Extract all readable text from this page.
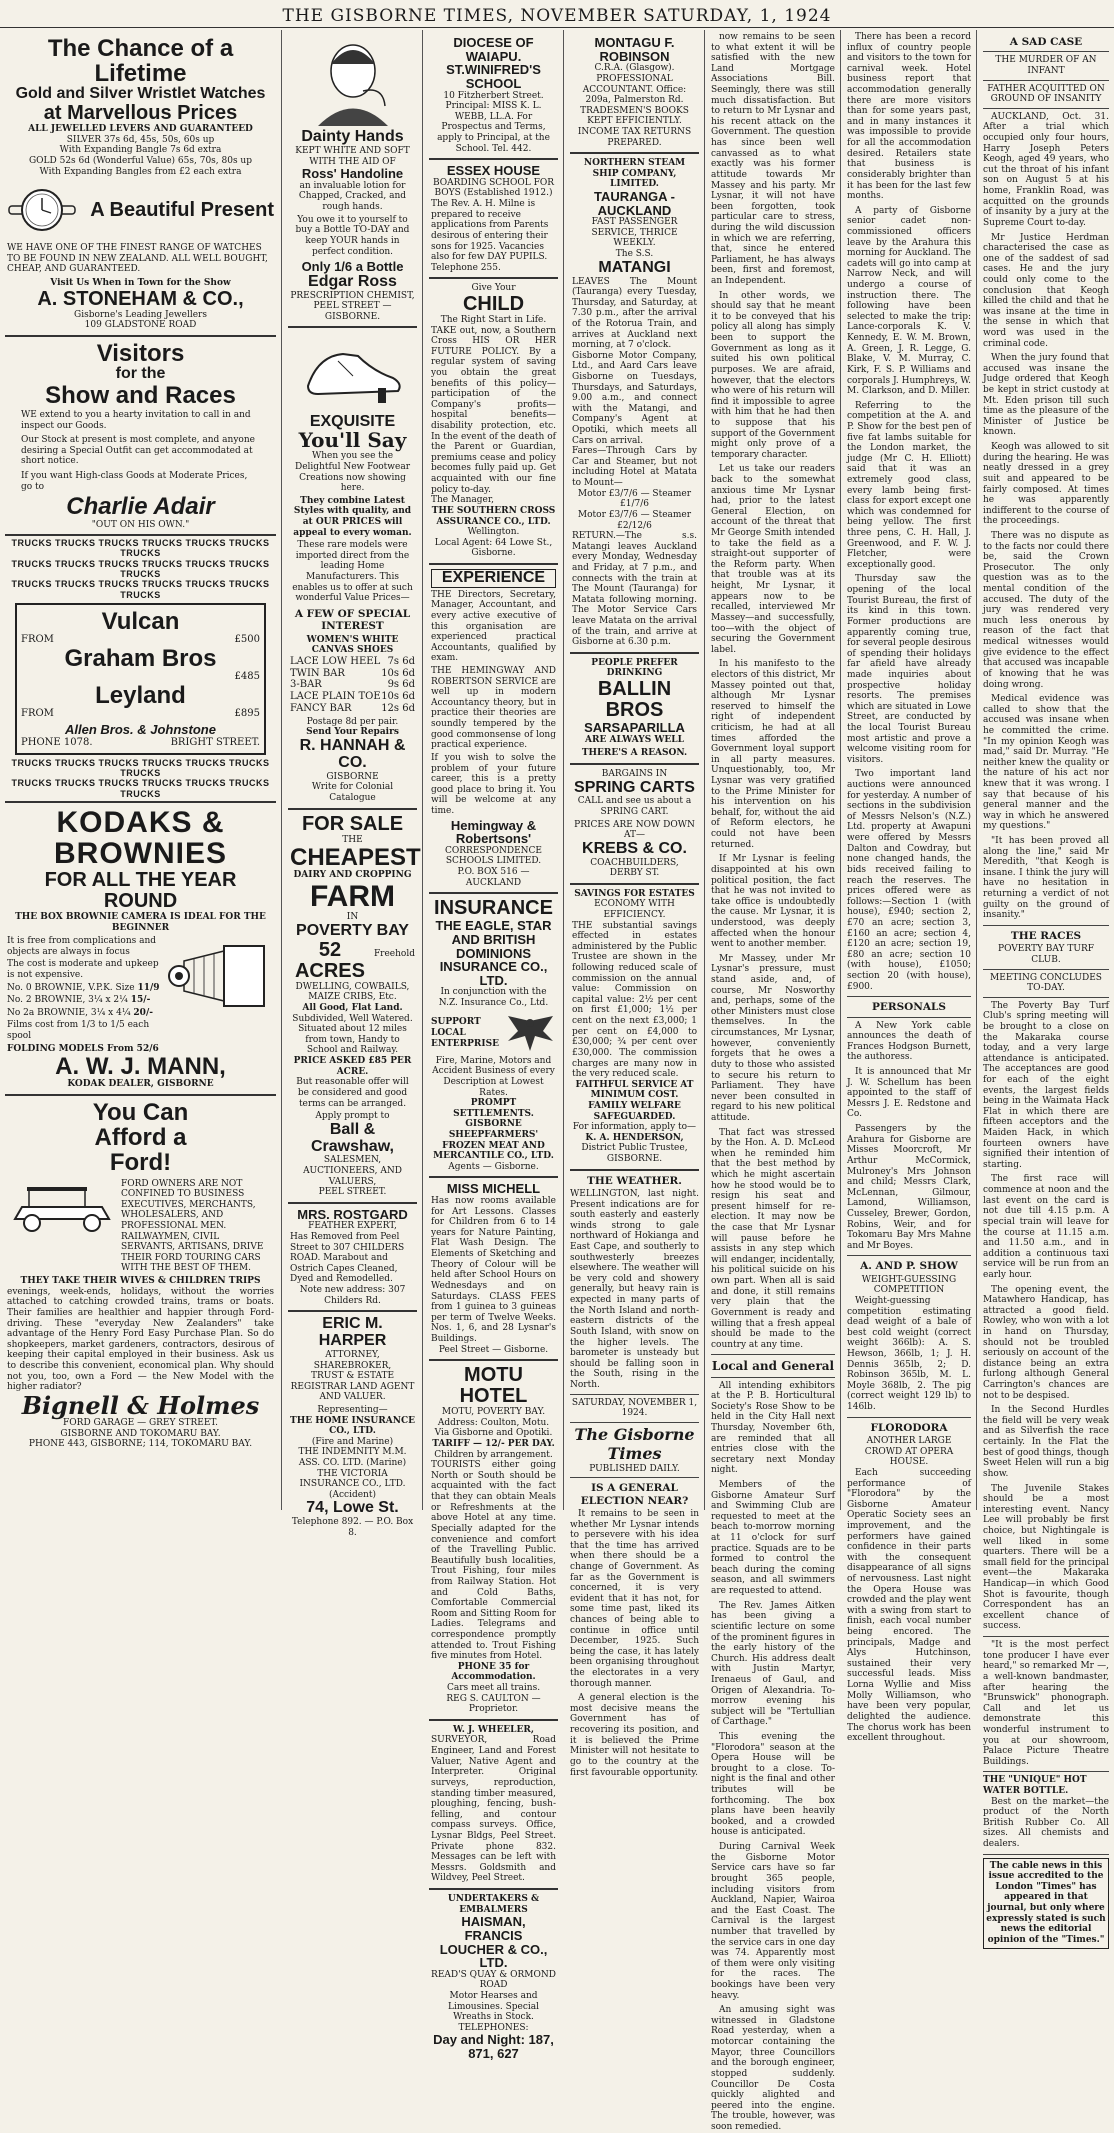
THE GISBORNE TIMES, NOVEMBER SATURDAY, 1, 1924
The Chance of a Lifetime
Gold and Silver Wristlet Watches
at Marvellous Prices
ALL JEWELLED LEVERS AND GUARANTEED
SILVER 37s 6d, 45s, 50s, 60s up
With Expanding Bangle 7s 6d extra
GOLD 52s 6d (Wonderful Value) 65s, 70s, 80s up
With Expanding Bangles from £2 each extra
A Beautiful Present
WE HAVE ONE OF THE FINEST RANGE OF WATCHES TO BE FOUND IN NEW ZEALAND. ALL WELL BOUGHT, CHEAP, AND GUARANTEED.
Visit Us When in Town for the Show
A. STONEHAM & CO.,
Gisborne's Leading Jewellers
109 GLADSTONE ROAD
Visitors
for the
Show and Races
WE extend to you a hearty invitation to call in and inspect our Goods.
Our Stock at present is most complete, and anyone desiring a Special Outfit can get accommodated at short notice.
If you want High-class Goods at Moderate Prices, go to
Charlie Adair
"OUT ON HIS OWN."
TRUCKS TRUCKS TRUCKS TRUCKS TRUCKS TRUCKS TRUCKS
TRUCKS TRUCKS TRUCKS TRUCKS TRUCKS TRUCKS TRUCKS
TRUCKS TRUCKS TRUCKS TRUCKS TRUCKS TRUCKS TRUCKS
Vulcan
FROM	£500
Graham Bros
£485
Leyland
FROM	£895
Allen Bros. & Johnstone
PHONE 1078.	BRIGHT STREET.
TRUCKS TRUCKS TRUCKS TRUCKS TRUCKS TRUCKS TRUCKS
TRUCKS TRUCKS TRUCKS TRUCKS TRUCKS TRUCKS TRUCKS
KODAKS & BROWNIES
FOR ALL THE YEAR ROUND
THE BOX BROWNIE CAMERA IS IDEAL FOR THE BEGINNER
It is free from complications and objects are always in focus
The cost is moderate and upkeep is not expensive.
No. 0 BROWNIE, V.P.K. Size 11/9
No. 2 BROWNIE, 3¼ x 2¼ 15/-
No 2a BROWNIE, 3¼ x 4¼ 20/-
Films cost from 1/3 to 1/5 each spool
FOLDING MODELS From 52/6
A. W. J. MANN,
KODAK DEALER, GISBORNE
You Can
Afford a
Ford!
FORD OWNERS ARE NOT CONFINED TO BUSINESS EXECUTIVES, MERCHANTS, WHOLESALERS, AND PROFESSIONAL MEN. RAILWAYMEN, CIVIL SERVANTS, ARTISANS, DRIVE THEIR FORD TOURING CARS WITH THE BEST OF THEM.
THEY TAKE THEIR WIVES & CHILDREN TRIPS
evenings, week-ends, holidays, without the worries attached to catching crowded trains, trams or boats. Their families are healthier and happier through Ford-driving. These "everyday New Zealanders" take advantage of the Henry Ford Easy Purchase Plan. So do shopkeepers, market gardeners, contractors, desirous of keeping their capital employed in their business. Ask us to describe this convenient, economical plan. Why should not you, too, own a Ford — the New Model with the higher radiator?
Bignell & Holmes
FORD GARAGE — GREY STREET.
GISBORNE AND TOKOMARU BAY.
PHONE 443, GISBORNE; 114, TOKOMARU BAY.
Dainty Hands
KEPT WHITE AND SOFT WITH THE AID OF
Ross' Handoline
an invaluable lotion for Chapped, Cracked, and rough hands.
You owe it to yourself to buy a Bottle TO-DAY and keep YOUR hands in perfect condition.
Only 1/6 a Bottle
Edgar Ross
PRESCRIPTION CHEMIST,
PEEL STREET — GISBORNE.
EXQUISITE
You'll Say
When you see the Delightful New Footwear Creations now showing here.
They combine Latest Styles with quality, and at OUR PRICES will appeal to every woman.
These rare models were imported direct from the leading Home Manufacturers. This enables us to offer at such wonderful Value Prices—
A FEW OF SPECIAL INTEREST
WOMEN'S WHITE CANVAS SHOES
LACE LOW HEEL 7s 6d
TWIN BAR	10s 6d
3-BAR	9s 6d
LACE PLAIN TOE 10s 6d
FANCY BAR	12s 6d
Postage 8d per pair.
Send Your Repairs
R. HANNAH & CO.
GISBORNE
Write for Colonial Catalogue
FOR SALE
THE
CHEAPEST
DAIRY AND CROPPING
FARM
IN
POVERTY BAY
52 ACRES
Freehold
DWELLING, COWBAILS, MAIZE CRIBS, Etc.
All Good, Flat Land.
Subdivided, Well Watered. Situated about 12 miles from town, Handy to School and Railway.
PRICE ASKED £85 PER ACRE.
But reasonable offer will be considered and good terms can be arranged.
Apply prompt to
Ball & Crawshaw,
SALESMEN, AUCTIONEERS, AND VALUERS,
PEEL STREET.
MRS. ROSTGARD
FEATHER EXPERT,
Has Removed from Peel Street to 307 CHILDERS ROAD. Marabout and Ostrich Capes Cleaned, Dyed and Remodelled.
Note new address: 307 Childers Rd.
ERIC M. HARPER
ATTORNEY,
SHAREBROKER,
TRUST & ESTATE REGISTRAR LAND AGENT AND VALUER.
Representing—
THE HOME INSURANCE CO., LTD.
(Fire and Marine)
THE INDEMNITY M.M. ASS. CO. LTD. (Marine)
THE VICTORIA INSURANCE CO., LTD. (Accident)
74, Lowe St.
Telephone 892. — P.O. Box 8.
DIOCESE OF WAIAPU.
ST.WINIFRED'S SCHOOL
10 Fitzherbert Street.
Principal: MISS K. L. WEBB, LL.A. For Prospectus and Terms, apply to Principal, at the School. Tel. 442.
ESSEX HOUSE
BOARDING SCHOOL FOR BOYS (Established 1912.)
The Rev. A. H. Milne is prepared to receive applications from Parents desirous of entering their sons for 1925. Vacancies also for few DAY PUPILS. Telephone 255.
Give Your
CHILD
The Right Start in Life.
TAKE out, now, a Southern Cross HIS OR HER FUTURE POLICY. By a regular system of saving you obtain the great benefits of this policy—participation of the Company's profits—hospital benefits—disability protection, etc. In the event of the death of the Parent or Guardian, premiums cease and policy becomes fully paid up. Get acquainted with our fine policy to-day.
The Manager,
THE SOUTHERN CROSS ASSURANCE CO., LTD.
Wellington.
Local Agent: 64 Lowe St., Gisborne.
EXPERIENCE
THE Directors, Secretary, Manager, Accountant, and every active executive of this organisation are experienced practical Accountants, qualified by exam.
THE HEMINGWAY AND ROBERTSON SERVICE are well up in modern Accountancy theory, but in practice their theories are soundly tempered by the good commonsense of long practical experience.
If you wish to solve the problem of your future career, this is a pretty good place to bring it. You will be welcome at any time.
Hemingway & Robertsons'
CORRESPONDENCE SCHOOLS LIMITED.
P.O. BOX 516 — AUCKLAND
INSURANCE
THE EAGLE, STAR AND BRITISH DOMINIONS INSURANCE CO., LTD.
In conjunction with the N.Z. Insurance Co., Ltd.
SUPPORT LOCAL ENTERPRISE
Fire, Marine, Motors and Accident Business of every Description at Lowest Rates.
PROMPT SETTLEMENTS.
GISBORNE SHEEPFARMERS' FROZEN MEAT AND MERCANTILE CO., LTD.
Agents — Gisborne.
MISS MICHELL
Has now rooms available for Art Lessons. Classes for Children from 6 to 14 years for Nature Painting, Flat Wash Design. The Elements of Sketching and Theory of Colour will be held after School Hours on Wednesdays and on Saturdays. CLASS FEES from 1 guinea to 3 guineas per term of Twelve Weeks. Nos. 1, 6, and 28 Lysnar's Buildings.
Peel Street — Gisborne.
MOTU HOTEL
MOTU, POVERTY BAY.
Address: Coulton, Motu.
Via Gisborne and Opotiki.
TARIFF — 12/- PER DAY.
Children by arrangement.
TOURISTS either going North or South should be acquainted with the fact that they can obtain Meals or Refreshments at the above Hotel at any time. Specially adapted for the convenience and comfort of the Travelling Public. Beautifully bush localities, Trout Fishing, four miles from Railway Station. Hot and Cold Baths, Comfortable Commercial Room and Sitting Room for Ladies. Telegrams and correspondence promptly attended to. Trout Fishing five minutes from Hotel.
PHONE 35 for Accommodation.
Cars meet all trains.
REG S. CAULTON — Proprietor.
W. J. WHEELER,
SURVEYOR, Road Engineer, Land and Forest Valuer, Native Agent and Interpreter. Original surveys, reproduction, standing timber measured, ploughing, fencing, bush-felling, and contour compass surveys. Office, Lysnar Bldgs, Peel Street. Private phone 832. Messages can be left with Messrs. Goldsmith and Wildvey, Peel Street.
UNDERTAKERS & EMBALMERS
HAISMAN, FRANCIS LOUCHER & CO., LTD.
READ'S QUAY & ORMOND ROAD
Motor Hearses and Limousines. Special Wreaths in Stock.
TELEPHONES:
Day and Night: 187, 871, 627
MONTAGU F. ROBINSON
C.R.A. (Glasgow).
PROFESSIONAL ACCOUNTANT. Office: 209a, Palmerston Rd. TRADESMEN'S BOOKS KEPT EFFICIENTLY. INCOME TAX RETURNS PREPARED.
NORTHERN STEAM SHIP COMPANY, LIMITED.
TAURANGA - AUCKLAND
FAST PASSENGER SERVICE, THRICE WEEKLY.
The S.S.
MATANGI
LEAVES The Mount (Tauranga) every Tuesday, Thursday, and Saturday, at 7.30 p.m., after the arrival of the Rotorua Train, and arrives at Auckland next morning, at 7 o'clock.
Gisborne Motor Company, Ltd., and Aard Cars leave Gisborne on Tuesdays, Thursdays, and Saturdays, 9.00 a.m., and connect with the Matangi, and Company's Agent at Opotiki, which meets all Cars on arrival.
Fares—Through Cars by Car and Steamer, but not including Hotel at Matata to Mount—
Motor £3/7/6 — Steamer £1/7/6
Motor £3/7/6 — Steamer £2/12/6
RETURN.—The s.s. Matangi leaves Auckland every Monday, Wednesday and Friday, at 7 p.m., and connects with the train at The Mount (Tauranga) for Matata following morning. The Motor Service Cars leave Matata on the arrival of the train, and arrive at Gisborne at 6.30 p.m.
PEOPLE PREFER DRINKING
BALLIN BROS
SARSAPARILLA
ARE ALWAYS WELL
THERE'S A REASON.
BARGAINS IN
SPRING CARTS
CALL and see us about a SPRING CART.
PRICES ARE NOW DOWN AT—
KREBS & CO.
COACHBUILDERS,
DERBY ST.
SAVINGS FOR ESTATES
ECONOMY WITH EFFICIENCY.
THE substantial savings effected in estates administered by the Public Trustee are shown in the following reduced scale of commission on the annual value: Commission on capital value: 2½ per cent on first £1,000; 1½ per cent on the next £3,000; 1 per cent on £4,000 to £30,000; ¾ per cent over £30,000. The commission charges are many now in the very reduced scale.
FAITHFUL SERVICE AT MINIMUM COST.
FAMILY WELFARE SAFEGUARDED.
For information, apply to—
K. A. HENDERSON,
District Public Trustee,
GISBORNE.
THE WEATHER.
WELLINGTON, last night. Present indications are for south easterly and easterly winds strong to gale northward of Hokianga and East Cape, and southerly to southwesterly breezes elsewhere. The weather will be very cold and showery generally, but heavy rain is expected in many parts of the North Island and north-eastern districts of the South Island, with snow on the higher levels. The barometer is unsteady but should be falling soon in the South, rising in the North.
SATURDAY, NOVEMBER 1, 1924.
The Gisborne Times
PUBLISHED DAILY.
IS A GENERAL ELECTION NEAR?
It remains to be seen in whether Mr Lysnar intends to persevere with his idea that the time has arrived when there should be a change of Government. As far as the Government is concerned, it is very evident that it has not, for some time past, liked its chances of being able to continue in office until December, 1925. Such being the case, it has lately been organising throughout the electorates in a very thorough manner.
A general election is the most decisive means the Government has of recovering its position, and it is believed the Prime Minister will not hesitate to go to the country at the first favourable opportunity.
now remains to be seen to what extent it will be satisfied with the new Land Mortgage Associations Bill. Seemingly, there was still much dissatisfaction. But to return to Mr Lysnar and his recent attack on the Government. The question has since been well canvassed as to what exactly was his former attitude towards Mr Massey and his party. Mr Lysnar, it will not have been forgotten, took particular care to stress, during the wild discussion in which we are referring, that, since he entered Parliament, he has always been, first and foremost, an Independent.
In other words, we should say that he meant it to be conveyed that his policy all along has simply been to support the Government as long as it suited his own political purposes. We are afraid, however, that the electors who were of his return will find it impossible to agree with him that he had then to suppose that his support of the Government might only prove of a temporary character.
Let us take our readers back to the somewhat anxious time Mr Lysnar had, prior to the latest General Election, on account of the threat that Mr George Smith intended to take the field as a straight-out supporter of the Reform party. When that trouble was at its height, Mr Lysnar, it appears now to be recalled, interviewed Mr Massey—and successfully, too—with the object of securing the Government label.
In his manifesto to the electors of this district, Mr Massey pointed out that, although Mr Lysnar reserved to himself the right of independent criticism, he had at all times afforded the Government loyal support in all party measures. Unquestionably, too, Mr Lysnar was very gratified to the Prime Minister for his intervention on his behalf, for, without the aid of Reform electors, he could not have been returned.
If Mr Lysnar is feeling disappointed at his own political position, the fact that he was not invited to take office is undoubtedly the cause. Mr Lysnar, it is understood, was deeply affected when the honour went to another member.
Mr Massey, under Mr Lysnar's pressure, must stand aside, and, of course, Mr Nosworthy and, perhaps, some of the other Ministers must close themselves. In the circumstances, Mr Lysnar, however, conveniently forgets that he owes a duty to those who assisted to secure his return to Parliament. They have never been consulted in regard to his new political attitude.
That fact was stressed by the Hon. A. D. McLeod when he reminded him that the best method by which he might ascertain how he stood would be to resign his seat and present himself for re-election. It may now be the case that Mr Lysnar will pause before he assists in any step which will endanger, incidentally, his political suicide on his own part. When all is said and done, it still remains very plain that the Government is ready and willing that a fresh appeal should be made to the country at any time.
Local and General
All intending exhibitors at the P. B. Horticultural Society's Rose Show to be held in the City Hall next Thursday, November 6th, are reminded that all entries close with the secretary next Monday night.
Members of the Gisborne Amateur Surf and Swimming Club are requested to meet at the beach to-morrow morning at 11 o'clock for surf practice. Squads are to be formed to control the beach during the coming season, and all swimmers are requested to attend.
The Rev. James Aitken has been giving a scientific lecture on some of the prominent figures in the early history of the Church. His address dealt with Justin Martyr, Irenaeus of Gaul, and Origen of Alexandria. To-morrow evening his subject will be "Tertullian of Carthage."
This evening the "Florodora" season at the Opera House will be brought to a close. To-night is the final and other tributes will be forthcoming. The box plans have been heavily booked, and a crowded house is anticipated.
During Carnival Week the Gisborne Motor Service cars have so far brought 365 people, including visitors from Auckland, Napier, Wairoa and the East Coast. The Carnival is the largest number that travelled by the service cars in one day was 74. Apparently most of them were only visiting for the races. The bookings have been very heavy.
An amusing sight was witnessed in Gladstone Road yesterday, when a motorcar containing the Mayor, three Councillors and the borough engineer, stopped suddenly. Councillor De Costa quickly alighted and peered into the engine. The trouble, however, was soon remedied.
There has been a record influx of country people and visitors to the town for carnival week. Hotel business report that accommodation generally there are more visitors than for some years past, and in many instances it was impossible to provide for all the accommodation desired. Retailers state that business is considerably brighter than it has been for the last few months.
A party of Gisborne senior cadet non-commissioned officers leave by the Arahura this morning for Auckland. The cadets will go into camp at Narrow Neck, and will undergo a course of instruction there. The following have been selected to make the trip: Lance-corporals K. V. Kennedy, E. W. M. Brown, A. Green, J. R. Legge, G. Blake, V. M. Murray, C. Kirk, F. S. P. Williams and corporals J. Humphreys, W. M. Clarkson, and D. Miller.
Referring to the competition at the A. and P. Show for the best pen of five fat lambs suitable for the London market, the judge (Mr C. H. Elliott) said that it was an extremely good class, every lamb being first-class for export except one which was condemned for being yellow. The first three pens, C. H. Hall, J. Greenwood, and F. W. J. Fletcher, were exceptionally good.
Thursday saw the opening of the local Tourist Bureau, the first of its kind in this town. Former productions are apparently coming true, for several people desirous of spending their holidays far afield have already made inquiries about prospective holiday resorts. The premises which are situated in Lowe Street, are conducted by the local Tourist Bureau most artistic and prove a welcome visiting room for visitors.
Two important land auctions were announced for yesterday. A number of sections in the subdivision of Messrs Nelson's (N.Z.) Ltd. property at Awapuni were offered by Messrs Dalton and Cowdray, but none changed hands, the bids received failing to reach the reserves. The prices offered were as follows:—Section 1 (with house), £940; section 2, £70 an acre; section 3, £160 an acre; section 4, £120 an acre; section 19, £80 an acre; section 10 (with house), £1050; section 20 (with house), £900.
PERSONALS
A New York cable announces the death of Frances Hodgson Burnett, the authoress.
It is announced that Mr J. W. Schellum has been appointed to the staff of Messrs J. E. Redstone and Co.
Passengers by the Arahura for Gisborne are Misses Moorcroft, Mr Arthur McCormick, Mulroney's Mrs Johnson and child; Messrs Clark, McLennan, Gilmour, Lamond, Williamson, Cusseley, Brewer, Gordon, Robins, Weir, and for Tokomaru Bay Mrs Mahne and Mr Boyes.
A. AND P. SHOW
WEIGHT-GUESSING COMPETITION
Weight-guessing competition estimating dead weight of a bale of best cold weight (correct weight 366lb): A. S. Hewson, 366lb, 1; J. H. Dennis 365lb, 2; D. Robinson 365lb, M. L. Moyle 368lb, 2. The pig (correct weight 129 lb) to 146lb.
FLORODORA
ANOTHER LARGE CROWD AT OPERA HOUSE.
Each succeeding performance of "Florodora" by the Gisborne Amateur Operatic Society sees an improvement, and the performers have gained confidence in their parts with the consequent disappearance of all signs of nervousness. Last night the Opera House was crowded and the play went with a swing from start to finish, each vocal number being encored. The principals, Madge and Alys Hutchinson, sustained their very successful leads. Miss Lorna Wyllie and Miss Molly Williamson, who have been very popular, delighted the audience. The chorus work has been excellent throughout.
A SAD CASE
THE MURDER OF AN INFANT
FATHER ACQUITTED ON GROUND OF INSANITY
AUCKLAND, Oct. 31. After a trial which occupied only four hours, Harry Joseph Peters Keogh, aged 49 years, who cut the throat of his infant son on August 5 at his home, Franklin Road, was acquitted on the grounds of insanity by a jury at the Supreme Court to-day.
Mr Justice Herdman characterised the case as one of the saddest of sad cases. He and the jury could only come to the conclusion that Keogh killed the child and that he was insane at the time in the sense in which that word was used in the criminal code.
When the jury found that accused was insane the Judge ordered that Keogh be kept in strict custody at Mt. Eden prison till such time as the pleasure of the Minister of Justice be known.
Keogh was allowed to sit during the hearing. He was neatly dressed in a grey suit and appeared to be fairly composed. At times he was apparently indifferent to the course of the proceedings.
There was no dispute as to the facts nor could there be, said the Crown Prosecutor. The only question was as to the mental condition of the accused. The duty of the jury was rendered very much less onerous by reason of the fact that medical witnesses would give evidence to the effect that accused was incapable of knowing that he was doing wrong.
Medical evidence was called to show that the accused was insane when he committed the crime. "In my opinion Keogh was mad," said Dr. Murray. "He neither knew the quality or the nature of his act nor knew that it was wrong. I say that because of his general manner and the way in which he answered my questions."
"It has been proved all along the line," said Mr Meredith, "that Keogh is insane. I think the jury will have no hesitation in returning a verdict of not guilty on the ground of insanity."
THE RACES
POVERTY BAY TURF CLUB.
MEETING CONCLUDES TO-DAY.
The Poverty Bay Turf Club's spring meeting will be brought to a close on the Makaraka course today, and a very large attendance is anticipated. The acceptances are good for each of the eight events, the largest fields being in the Waimata Hack Flat in which there are fifteen acceptors and the Maiden Hack, in which fourteen owners have signified their intention of starting.
The first race will commence at noon and the last event on the card is not due till 4.15 p.m. A special train will leave for the course at 11.15 a.m. and 11.50 a.m., and in addition a continuous taxi service will be run from an early hour.
The opening event, the Matawhero Handicap, has attracted a good field. Rowley, who won with a lot in hand on Thursday, should not be troubled seriously on account of the distance being an extra furlong although General Carrington's chances are not to be despised.
In the Second Hurdles the field will be very weak and as Silverfish the race certainly. In the Flat the best of good things, though Sweet Helen will run a big show.
The Juvenile Stakes should be a most interesting event. Nancy Lee will probably be first choice, but Nightingale is well liked in some quarters. There will be a small field for the principal event—the Makaraka Handicap—in which Good Shot is favourite, though Correspondent has an excellent chance of success.
"It is the most perfect tone producer I have ever heard," so remarked Mr —, a well-known bandmaster, after hearing the "Brunswick" phonograph. Call and let us demonstrate this wonderful instrument to you at our showroom, Palace Picture Theatre Buildings.
THE "UNIQUE" HOT WATER BOTTLE.
Best on the market—the product of the North British Rubber Co. All sizes. All chemists and dealers.
The cable news in this issue accredited to the London "Times" has appeared in that journal, but only where expressly stated is such news the editorial opinion of the "Times."
